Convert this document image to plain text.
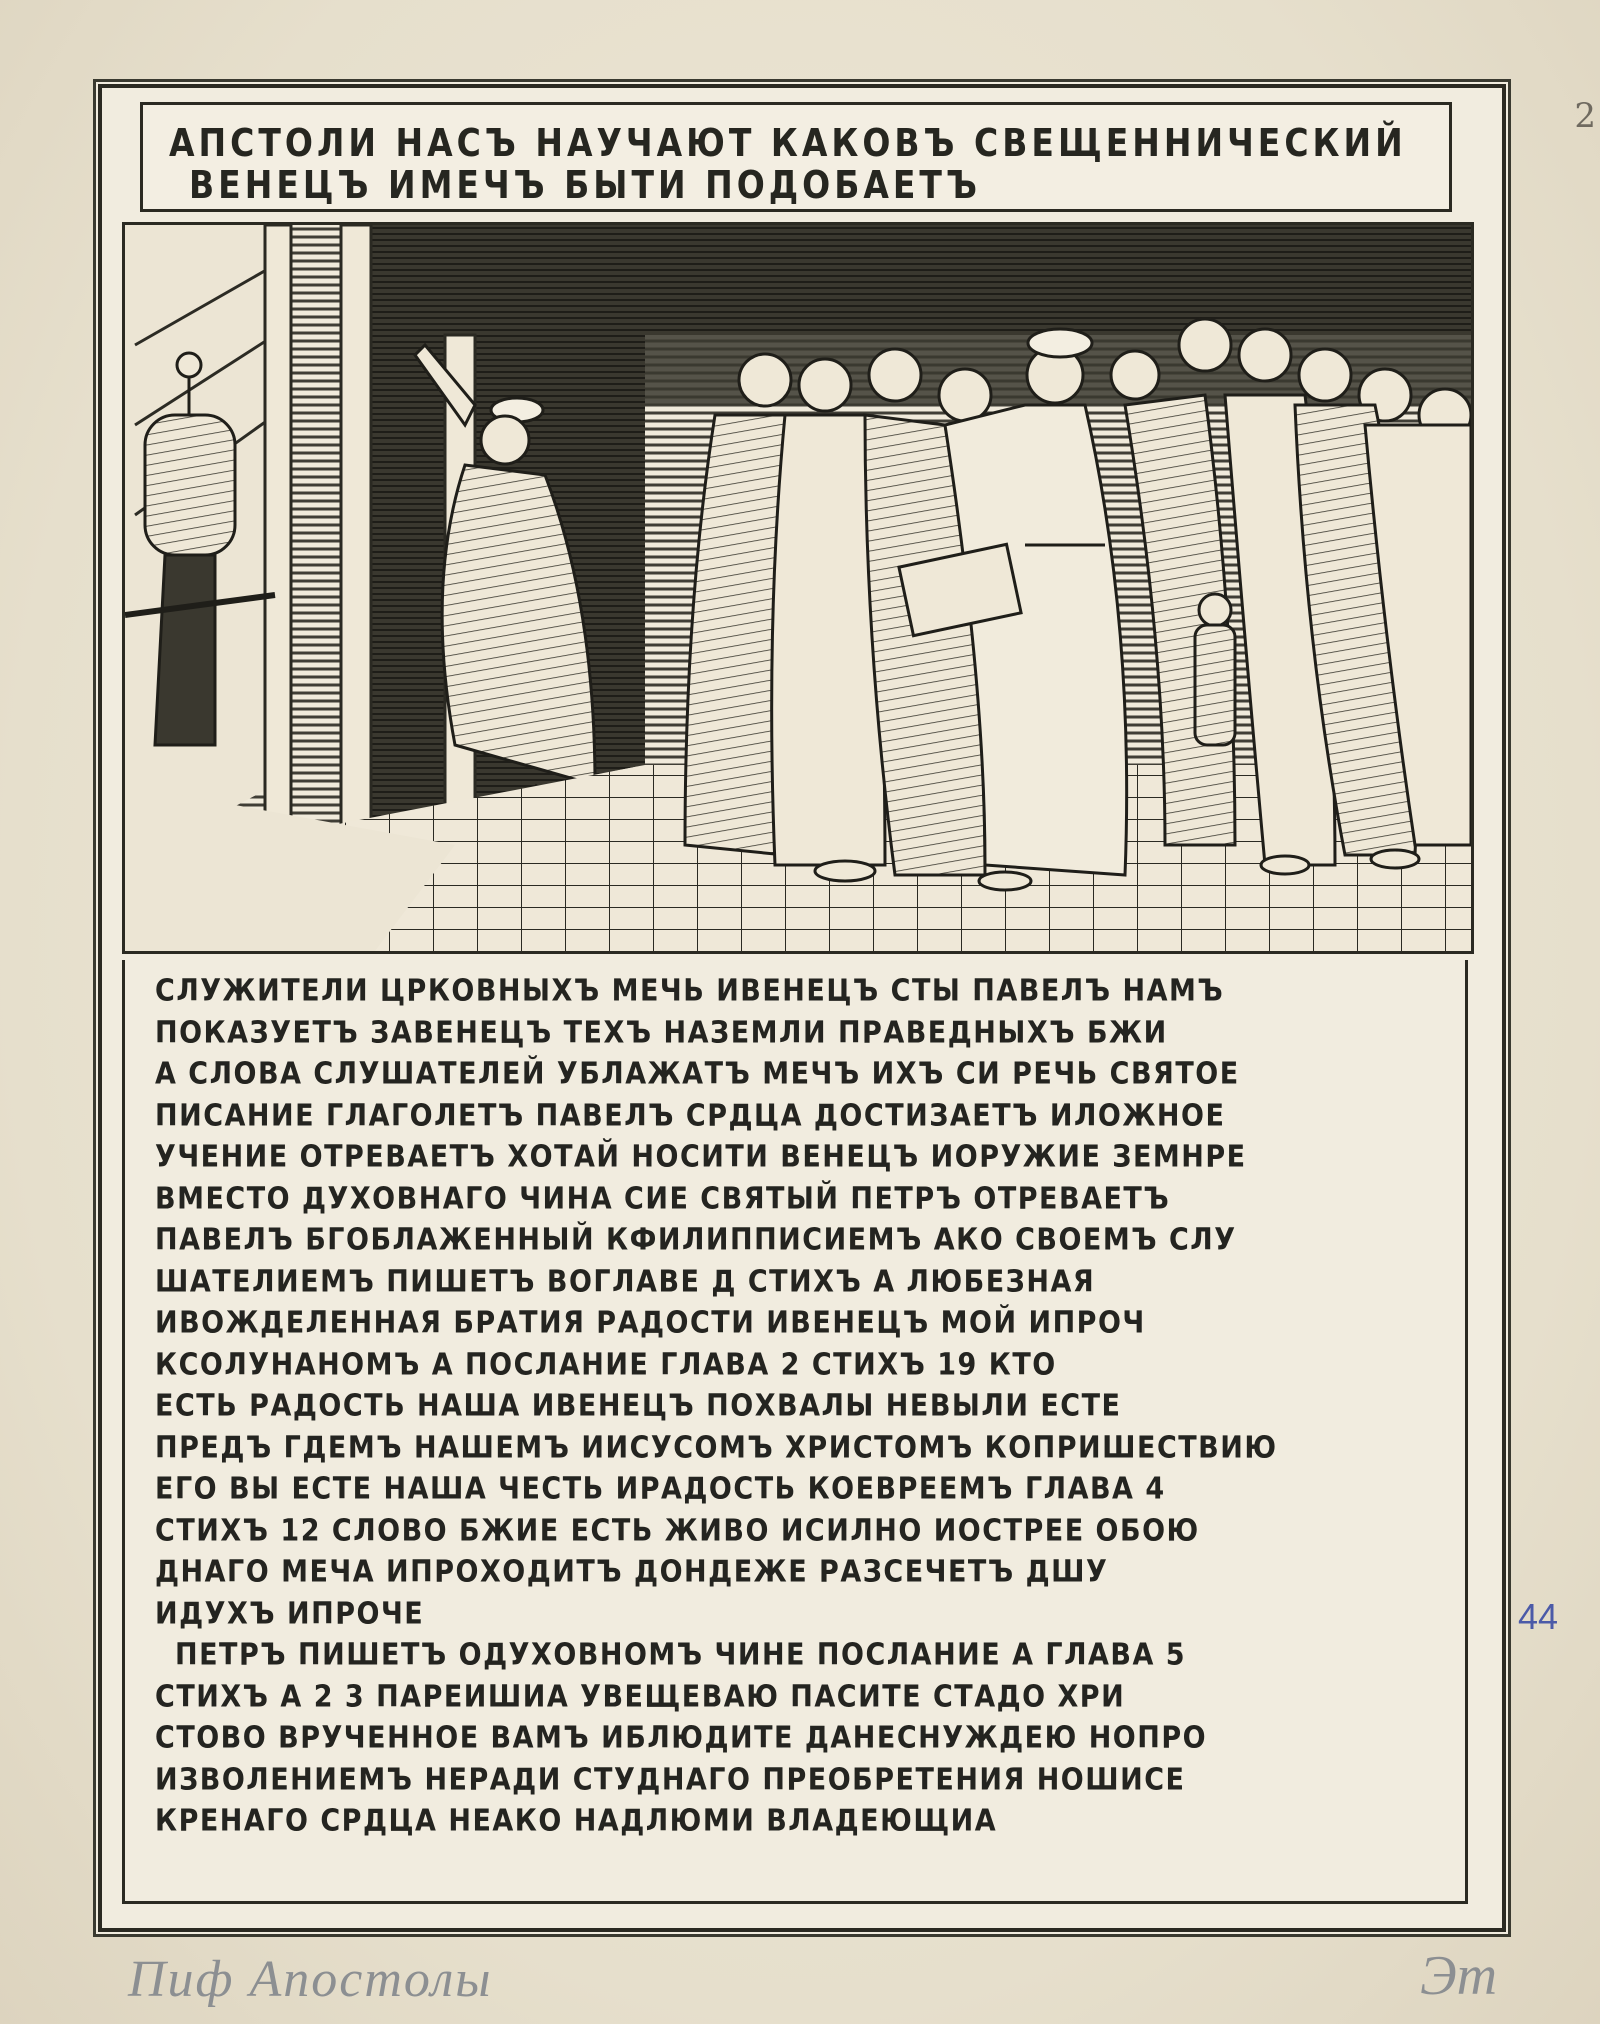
2
АПСТОЛИ НАСЪ НАУЧАЮТ КАКОВЪ СВЕЩЕННИЧЕСКИЙ
ВЕНЕЦЪ ИМЕЧЪ БЫТИ ПОДОБАЕТЪ
СЛУЖИТЕЛИ ЦРКОВНЫХЪ МЕЧЬ ИВЕНЕЦЪ СТЫ ПАВЕЛЪ НАМЪ
ПОКАЗУЕТЪ ЗАВЕНЕЦЪ ТЕХЪ НАЗЕМЛИ ПРАВЕДНЫХЪ БЖИ
А СЛОВА СЛУШАТЕЛЕЙ УБЛАЖАТЪ МЕЧЪ ИХЪ СИ РЕЧЬ СВЯТОЕ
ПИСАНИЕ ГЛАГОЛЕТЪ ПАВЕЛЪ СРДЦА ДОСТИЗАЕТЪ ИЛОЖНОЕ
УЧЕНИЕ ОТРЕВАЕТЪ ХОТАЙ НОСИТИ ВЕНЕЦЪ ИОРУЖИЕ ЗЕМНРЕ
ВМЕСТО ДУХОВНАГО ЧИНА СИЕ СВЯТЫЙ ПЕТРЪ ОТРЕВАЕТЪ
ПАВЕЛЪ БГОБЛАЖЕННЫЙ КФИЛИППИСИЕМЪ АКО СВОЕМЪ СЛУ
ШАТЕЛИЕМЪ ПИШЕТЪ ВОГЛАВЕ Д СТИХЪ А ЛЮБЕЗНАЯ
ИВОЖДЕЛЕННАЯ БРАТИЯ РАДОСТИ ИВЕНЕЦЪ МОЙ ИПРОЧ
КСОЛУНАНОМЪ А ПОСЛАНИЕ ГЛАВА 2 СТИХЪ 19 КТО
ЕСТЬ РАДОСТЬ НАША ИВЕНЕЦЪ ПОХВАЛЫ НЕВЫЛИ ЕСТЕ
ПРЕДЪ ГДЕМЪ НАШЕМЪ ИИСУСОМЪ ХРИСТОМЪ КОПРИШЕСТВИЮ
ЕГО ВЫ ЕСТЕ НАША ЧЕСТЬ ИРАДОСТЬ КОЕВРЕЕМЪ ГЛАВА 4
СТИХЪ 12 СЛОВО БЖИЕ ЕСТЬ ЖИВО ИСИЛНО ИОСТРЕЕ ОБОЮ
ДНАГО МЕЧА ИПРОХОДИТЪ ДОНДЕЖЕ РАЗСЕЧЕТЪ ДШУ
ИДУХЪ ИПРОЧЕ
ПЕТРЪ ПИШЕТЪ ОДУХОВНОМЪ ЧИНЕ ПОСЛАНИЕ А ГЛАВА 5
СТИХЪ А 2 3 ПАРЕИШИА УВЕЩЕВАЮ ПАСИТЕ СТАДО ХРИ
СТОВО ВРУЧЕННОЕ ВАМЪ ИБЛЮДИТЕ ДАНЕСНУЖДЕЮ НОПРО
ИЗВОЛЕНИЕМЪ НЕРАДИ СТУДНАГО ПРЕОБРЕТЕНИЯ НОШИСЕ
КРЕНАГО СРДЦА НЕАКО НАДЛЮМИ ВЛАДЕЮЩИА
44
Пиф Апостолы	Эт
